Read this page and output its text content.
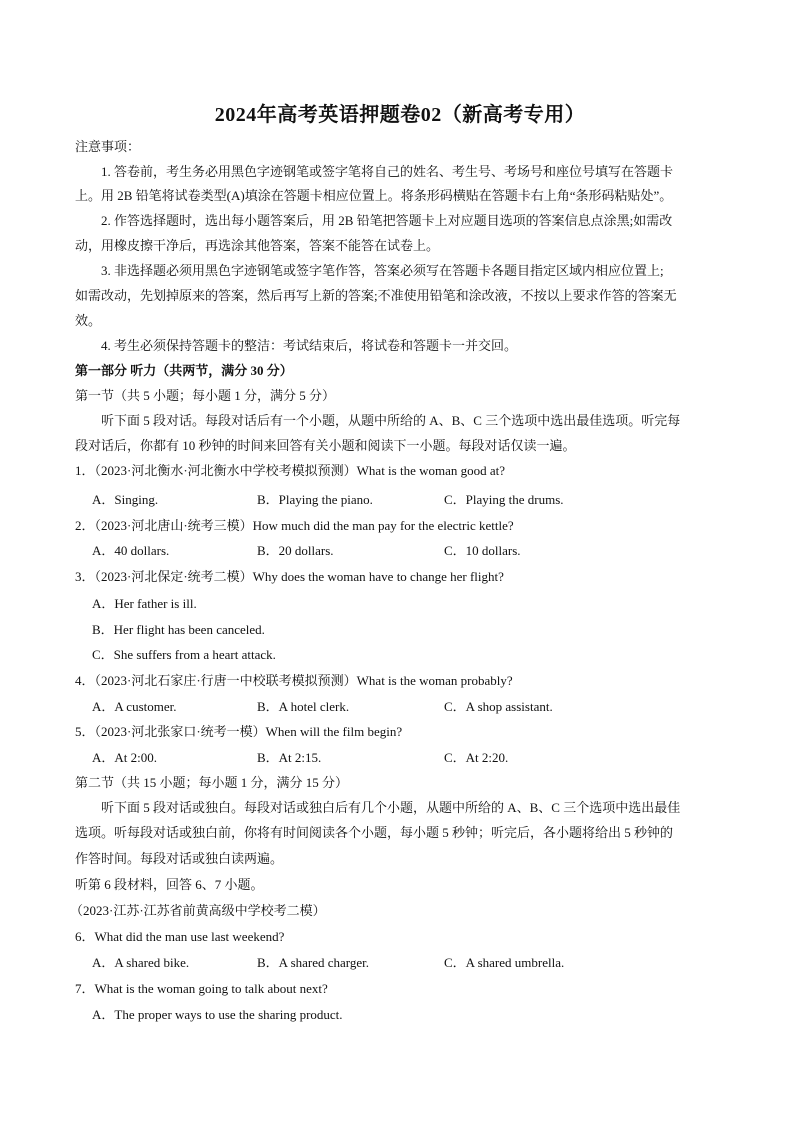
2024年高考英语押题卷02（新高考专用）
注意事项：
1. 答卷前，考生务必用黑色字迹钢笔或签字笔将自己的姓名、考生号、考场号和座位号填写在答题卡
上。用 2B 铅笔将试卷类型(A)填涂在答题卡相应位置上。将条形码横贴在答题卡右上角“条形码粘贴处”。
2. 作答选择题时，选出每小题答案后，用 2B 铅笔把答题卡上对应题目选项的答案信息点涂黑;如需改
动，用橡皮擦干净后，再选涂其他答案，答案不能答在试卷上。
3. 非选择题必须用黑色字迹钢笔或签字笔作答，答案必须写在答题卡各题目指定区域内相应位置上;
如需改动，先划掉原来的答案，然后再写上新的答案;不准使用铅笔和涂改液，不按以上要求作答的答案无
效。
4. 考生必须保持答题卡的整洁：考试结束后，将试卷和答题卡一并交回。
第一部分 听力（共两节，满分 30 分）
第一节（共 5 小题；每小题 1 分，满分 5 分）
听下面 5 段对话。每段对话后有一个小题，从题中所给的 A、B、C 三个选项中选出最佳选项。听完每
段对话后，你都有 10 秒钟的时间来回答有关小题和阅读下一小题。每段对话仅读一遍。
1．（2023·河北衡水·河北衡水中学校考模拟预测）What is the woman good at?
A．Singing.	B．Playing the piano.	C．Playing the drums.
2．（2023·河北唐山·统考三模）How much did the man pay for the electric kettle?
A．40 dollars.	B．20 dollars.	C．10 dollars.
3．（2023·河北保定·统考二模）Why does the woman have to change her flight?
A．Her father is ill.
B．Her flight has been canceled.
C．She suffers from a heart attack.
4．（2023·河北石家庄·行唐一中校联考模拟预测）What is the woman probably?
A．A customer.	B．A hotel clerk.	C．A shop assistant.
5．（2023·河北张家口·统考一模）When will the film begin?
A．At 2:00.	B．At 2:15.	C．At 2:20.
第二节（共 15 小题；每小题 1 分，满分 15 分）
听下面 5 段对话或独白。每段对话或独白后有几个小题，从题中所给的 A、B、C 三个选项中选出最佳
选项。听每段对话或独白前，你将有时间阅读各个小题，每小题 5 秒钟；听完后，各小题将给出 5 秒钟的
作答时间。每段对话或独白读两遍。
听第 6 段材料，回答 6、7 小题。
（2023·江苏·江苏省前黄高级中学校考二模）
6．What did the man use last weekend?
A．A shared bike.	B．A shared charger.	C．A shared umbrella.
7．What is the woman going to talk about next?
A．The proper ways to use the sharing product.
